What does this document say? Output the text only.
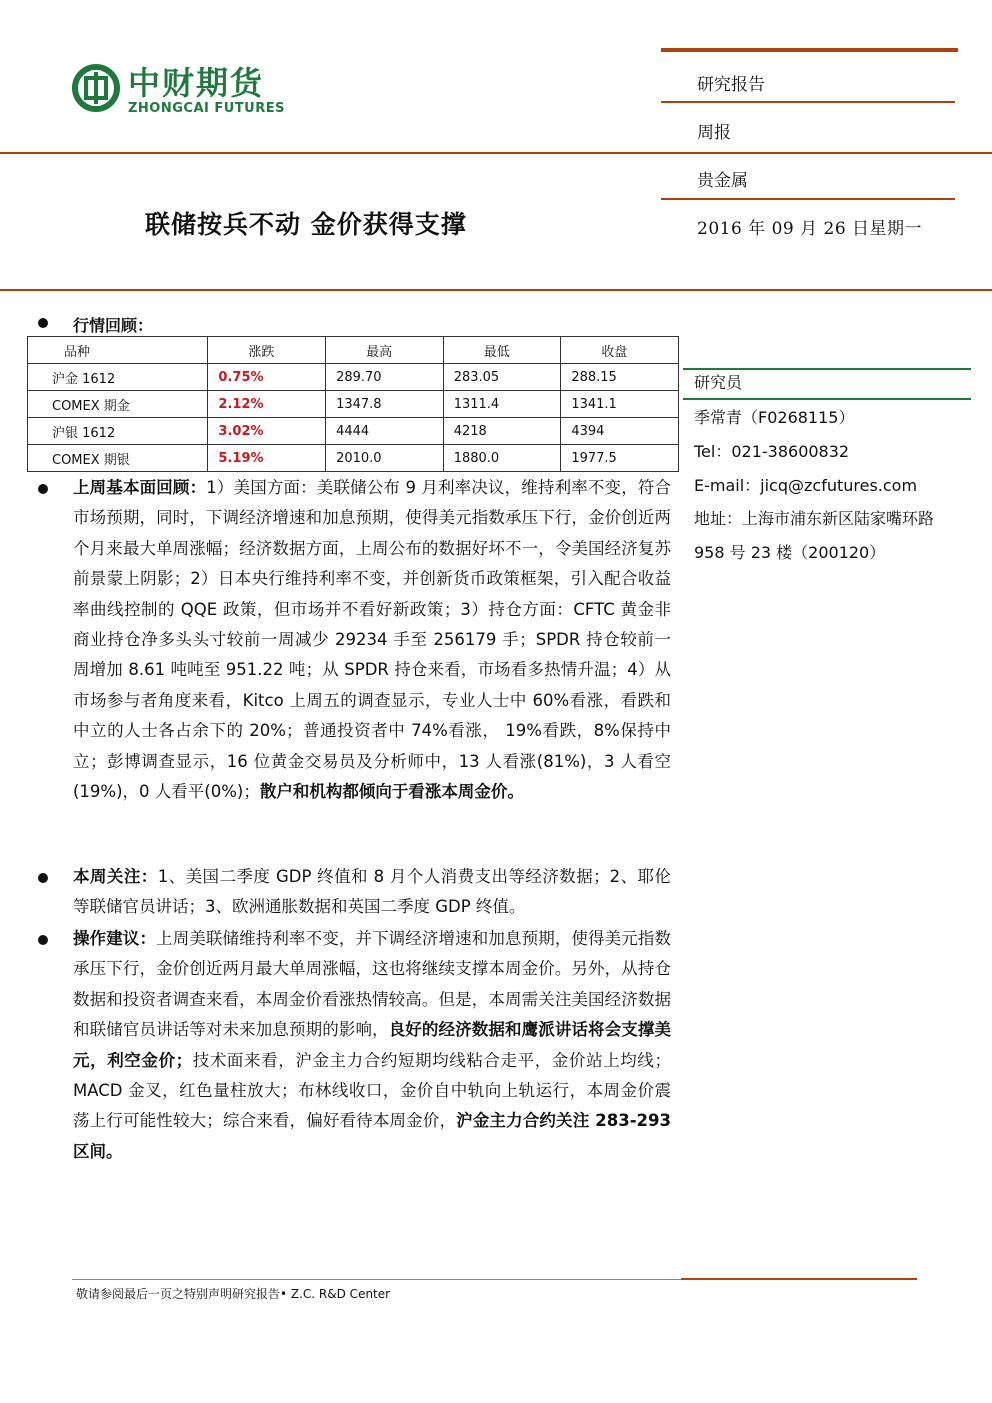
中财期货
ZHONGCAI FUTURES
研究报告
周报
贵金属
2016 年 09 月 26 日星期一
联储按兵不动 金价获得支撑
行情回顾：
品种	涨跌	最高	最低	收盘
沪金 1612	0.75%	289.70	283.05	288.15
COMEX 期金	2.12%	1347.8	1311.4	1341.1
沪银 1612	3.02%	4444	4218	4394
COMEX 期银	5.19%	2010.0	1880.0	1977.5
上周基本面回顾：1）美国方面：美联储公布 9 月利率决议，维持利率不变，符合市场预期，同时，下调经济增速和加息预期，使得美元指数承压下行，金价创近两个月来最大单周涨幅；经济数据方面，上周公布的数据好坏不一，令美国经济复苏前景蒙上阴影；2）日本央行维持利率不变，并创新货币政策框架，引入配合收益率曲线控制的 QQE 政策，但市场并不看好新政策；3）持仓方面：CFTC 黄金非商业持仓净多头头寸较前一周减少 29234 手至 256179 手；SPDR 持仓较前一周增加 8.61 吨吨至 951.22 吨；从 SPDR 持仓来看，市场看多热情升温；4）从市场参与者角度来看，Kitco 上周五的调查显示，专业人士中 60%看涨，看跌和中立的人士各占余下的 20%；普通投资者中 74%看涨， 19%看跌，8%保持中立；彭博调查显示，16 位黄金交易员及分析师中，13 人看涨(81%)，3 人看空(19%)，0 人看平(0%)；散户和机构都倾向于看涨本周金价。
本周关注：1、美国二季度 GDP 终值和 8 月个人消费支出等经济数据；2、耶伦等联储官员讲话；3、欧洲通胀数据和英国二季度 GDP 终值。
操作建议：上周美联储维持利率不变，并下调经济增速和加息预期，使得美元指数承压下行，金价创近两月最大单周涨幅，这也将继续支撑本周金价。另外，从持仓数据和投资者调查来看，本周金价看涨热情较高。但是，本周需关注美国经济数据和联储官员讲话等对未来加息预期的影响，良好的经济数据和鹰派讲话将会支撑美元，利空金价；技术面来看，沪金主力合约短期均线粘合走平，金价站上均线；MACD 金叉，红色量柱放大；布林线收口，金价自中轨向上轨运行，本周金价震荡上行可能性较大；综合来看，偏好看待本周金价，沪金主力合约关注 283-293 区间。
研究员
季常青（F0268115）
Tel：021-38600832
E-mail：jicq@zcfutures.com
地址：上海市浦东新区陆家嘴环路 958 号 23 楼（200120）
敬请参阅最后一页之特别声明研究报告• Z.C. R&D Center
